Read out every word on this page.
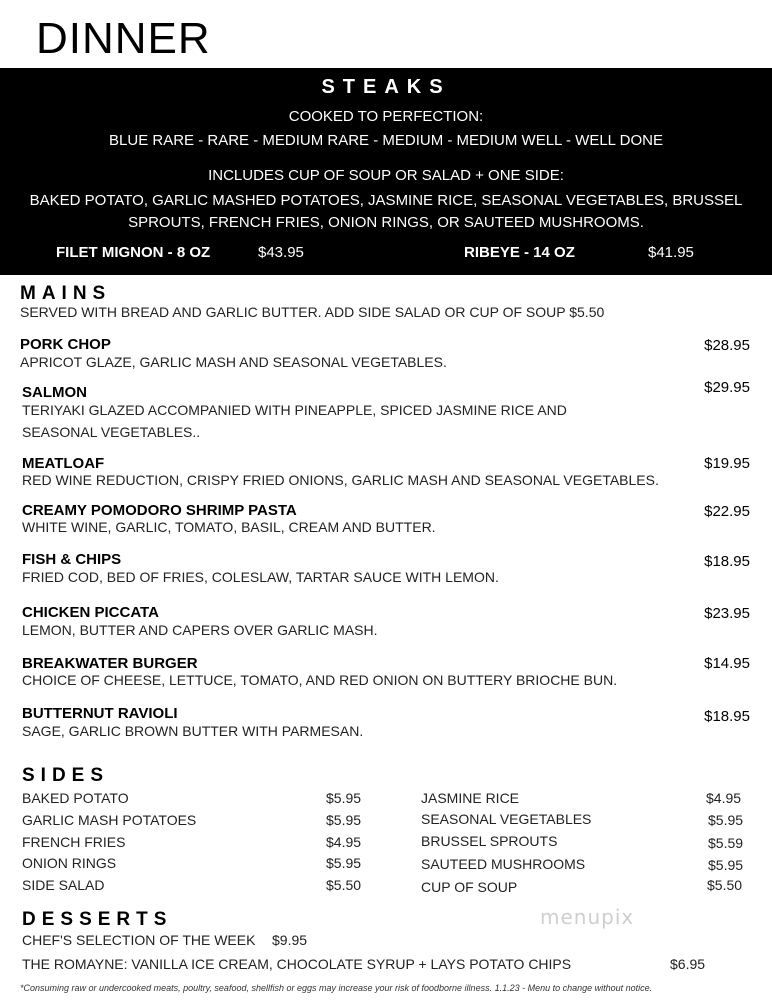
DINNER
STEAKS
COOKED TO PERFECTION:
BLUE RARE - RARE - MEDIUM RARE - MEDIUM - MEDIUM WELL - WELL DONE
INCLUDES CUP OF SOUP OR SALAD + ONE SIDE:
BAKED POTATO, GARLIC MASHED POTATOES, JASMINE RICE, SEASONAL VEGETABLES, BRUSSEL
SPROUTS, FRENCH FRIES, ONION RINGS, OR SAUTEED MUSHROOMS.
FILET MIGNON - 8 OZ	$43.95	RIBEYE - 14 OZ	$41.95
MAINS
SERVED WITH BREAD AND GARLIC BUTTER. ADD SIDE SALAD OR CUP OF SOUP $5.50
PORK CHOP
APRICOT GLAZE, GARLIC MASH AND SEASONAL VEGETABLES.
$28.95
SALMON
TERIYAKI GLAZED ACCOMPANIED WITH PINEAPPLE, SPICED JASMINE RICE AND
SEASONAL VEGETABLES..
$29.95
MEATLOAF
RED WINE REDUCTION, CRISPY FRIED ONIONS, GARLIC MASH AND SEASONAL VEGETABLES.
$19.95
CREAMY POMODORO SHRIMP PASTA
WHITE WINE, GARLIC, TOMATO, BASIL, CREAM AND BUTTER.
$22.95
FISH & CHIPS
FRIED COD, BED OF FRIES, COLESLAW, TARTAR SAUCE WITH LEMON.
$18.95
CHICKEN PICCATA
LEMON, BUTTER AND CAPERS OVER GARLIC MASH.
$23.95
BREAKWATER BURGER
CHOICE OF CHEESE, LETTUCE, TOMATO, AND RED ONION ON BUTTERY BRIOCHE BUN.
$14.95
BUTTERNUT RAVIOLI
SAGE, GARLIC BROWN BUTTER WITH PARMESAN.
$18.95
SIDES
BAKED POTATO	$5.95
GARLIC MASH POTATOES	$5.95
FRENCH FRIES	$4.95
ONION RINGS	$5.95
SIDE SALAD	$5.50
JASMINE RICE	$4.95
SEASONAL VEGETABLES	$5.95
BRUSSEL SPROUTS	$5.59
SAUTEED MUSHROOMS	$5.95
CUP OF SOUP	$5.50
menupix
DESSERTS
CHEF'S SELECTION OF THE WEEK $9.95
THE ROMAYNE: VANILLA ICE CREAM, CHOCOLATE SYRUP + LAYS POTATO CHIPS	$6.95
*Consuming raw or undercooked meats, poultry, seafood, shellfish or eggs may increase your risk of foodborne illness. 1.1.23 - Menu to change without notice.
